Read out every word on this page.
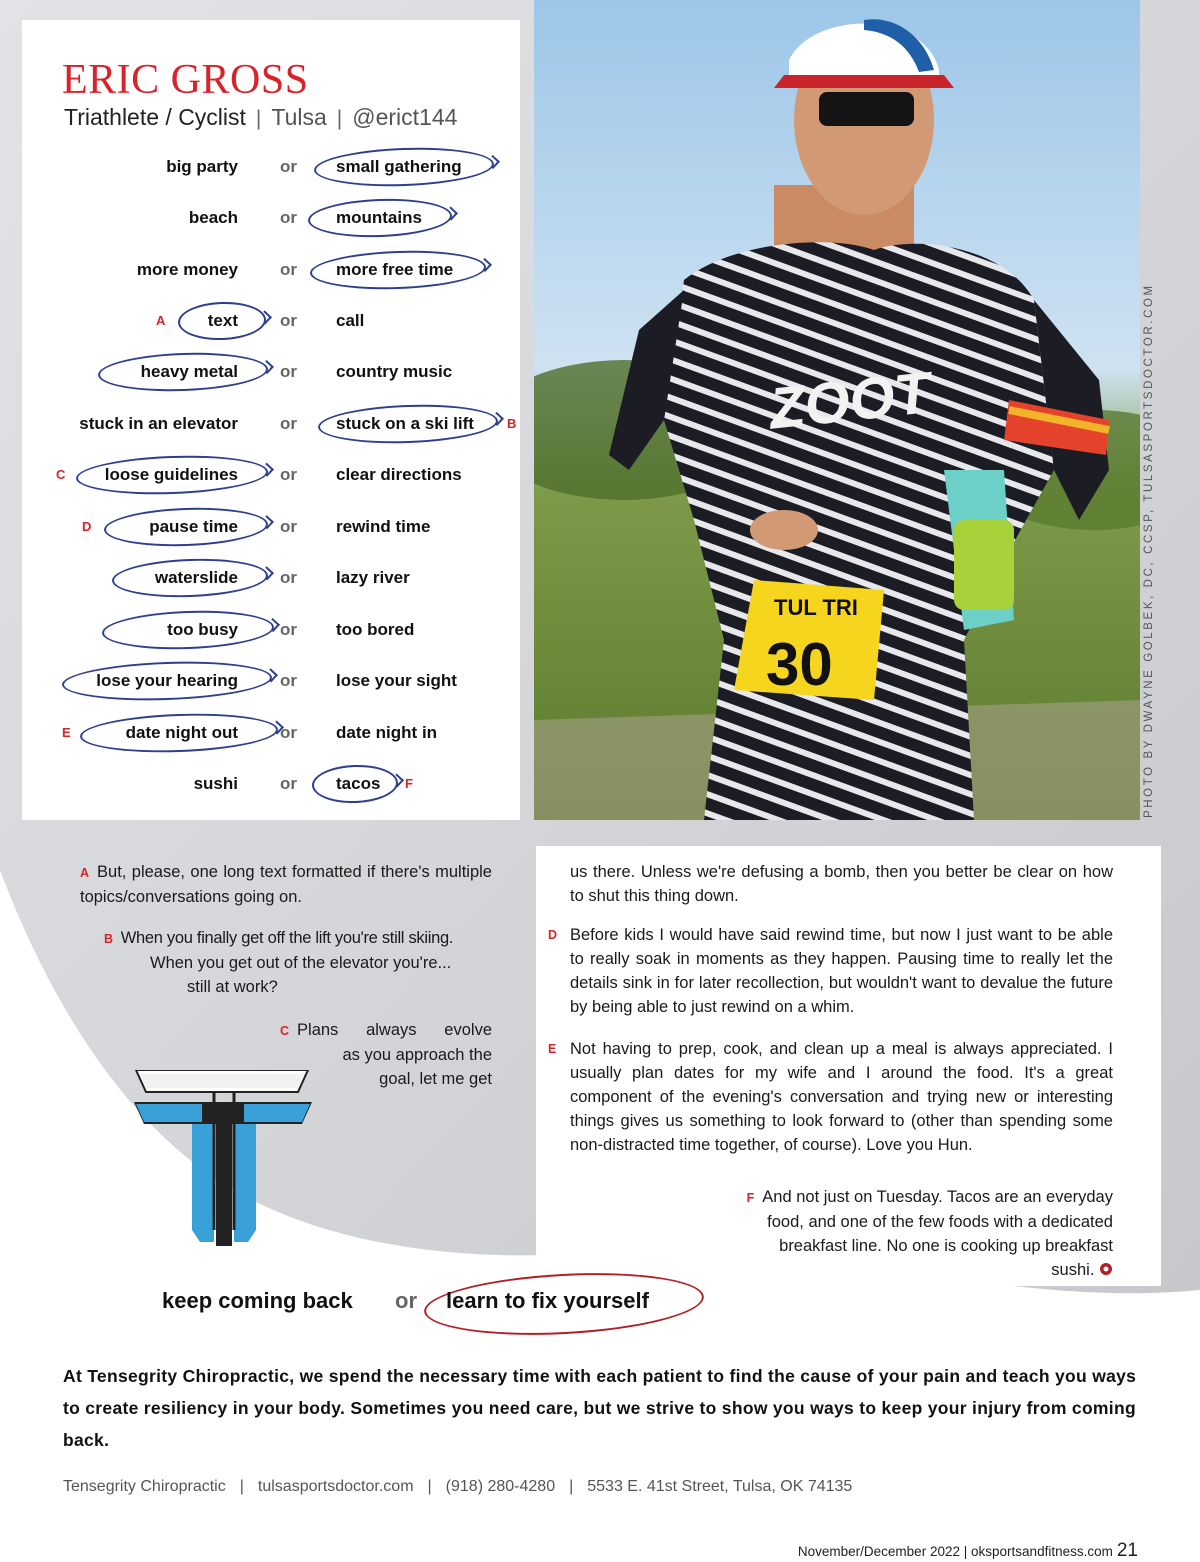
ERIC GROSS
Triathlete / Cyclist | Tulsa | @erict144
big party or small gathering
beach or mountains
more money or more free time
A text or call
heavy metal or country music
stuck in an elevator or stuck on a ski lift	B
C loose guidelines or clear directions
D	pause time or rewind time
waterslide or lazy river
too busy or too bored
lose your hearing or lose your sight
E	date night out or date night in
sushi or tacos F
TUL TRI
30
ZOOT	PHOTO BY DWAYNE GOLBEK, DC, CCSP, TULSASPORTSDOCTOR.COM
A But, please, one long text formatted if there's multiple topics/conversations going on.
B When you finally get off the lift you're still skiing.
When you get out of the elevator you're...
still at work?
C Plans always evolve
as you approach the
goal, let me get
us there. Unless we're defusing a bomb, then you better be clear on how to shut this thing down.
D Before kids I would have said rewind time, but now I just want to be able to really soak in moments as they happen. Pausing time to really let the details sink in for later recollection, but wouldn't want to devalue the future by being able to just rewind on a whim.
E Not having to prep, cook, and clean up a meal is always appreciated. I usually plan dates for my wife and I around the food. It's a great component of the evening's conversation and trying new or interesting things gives us something to look forward to (other than spending some non-distracted time together, of course). Love you Hun.
F And not just on Tuesday. Tacos are an everyday
food, and one of the few foods with a dedicated
breakfast line. No one is cooking up breakfast
sushi.
keep coming back or learn to fix yourself
At Tensegrity Chiropractic, we spend the necessary time with each patient to find the cause of your pain and teach you ways to create resiliency in your body. Sometimes you need care, but we strive to show you ways to keep your injury from coming back.
Tensegrity Chiropractic | tulsasportsdoctor.com | (918) 280-4280 | 5533 E. 41st Street, Tulsa, OK 74135
November/December 2022 | oksportsandfitness.com 21
